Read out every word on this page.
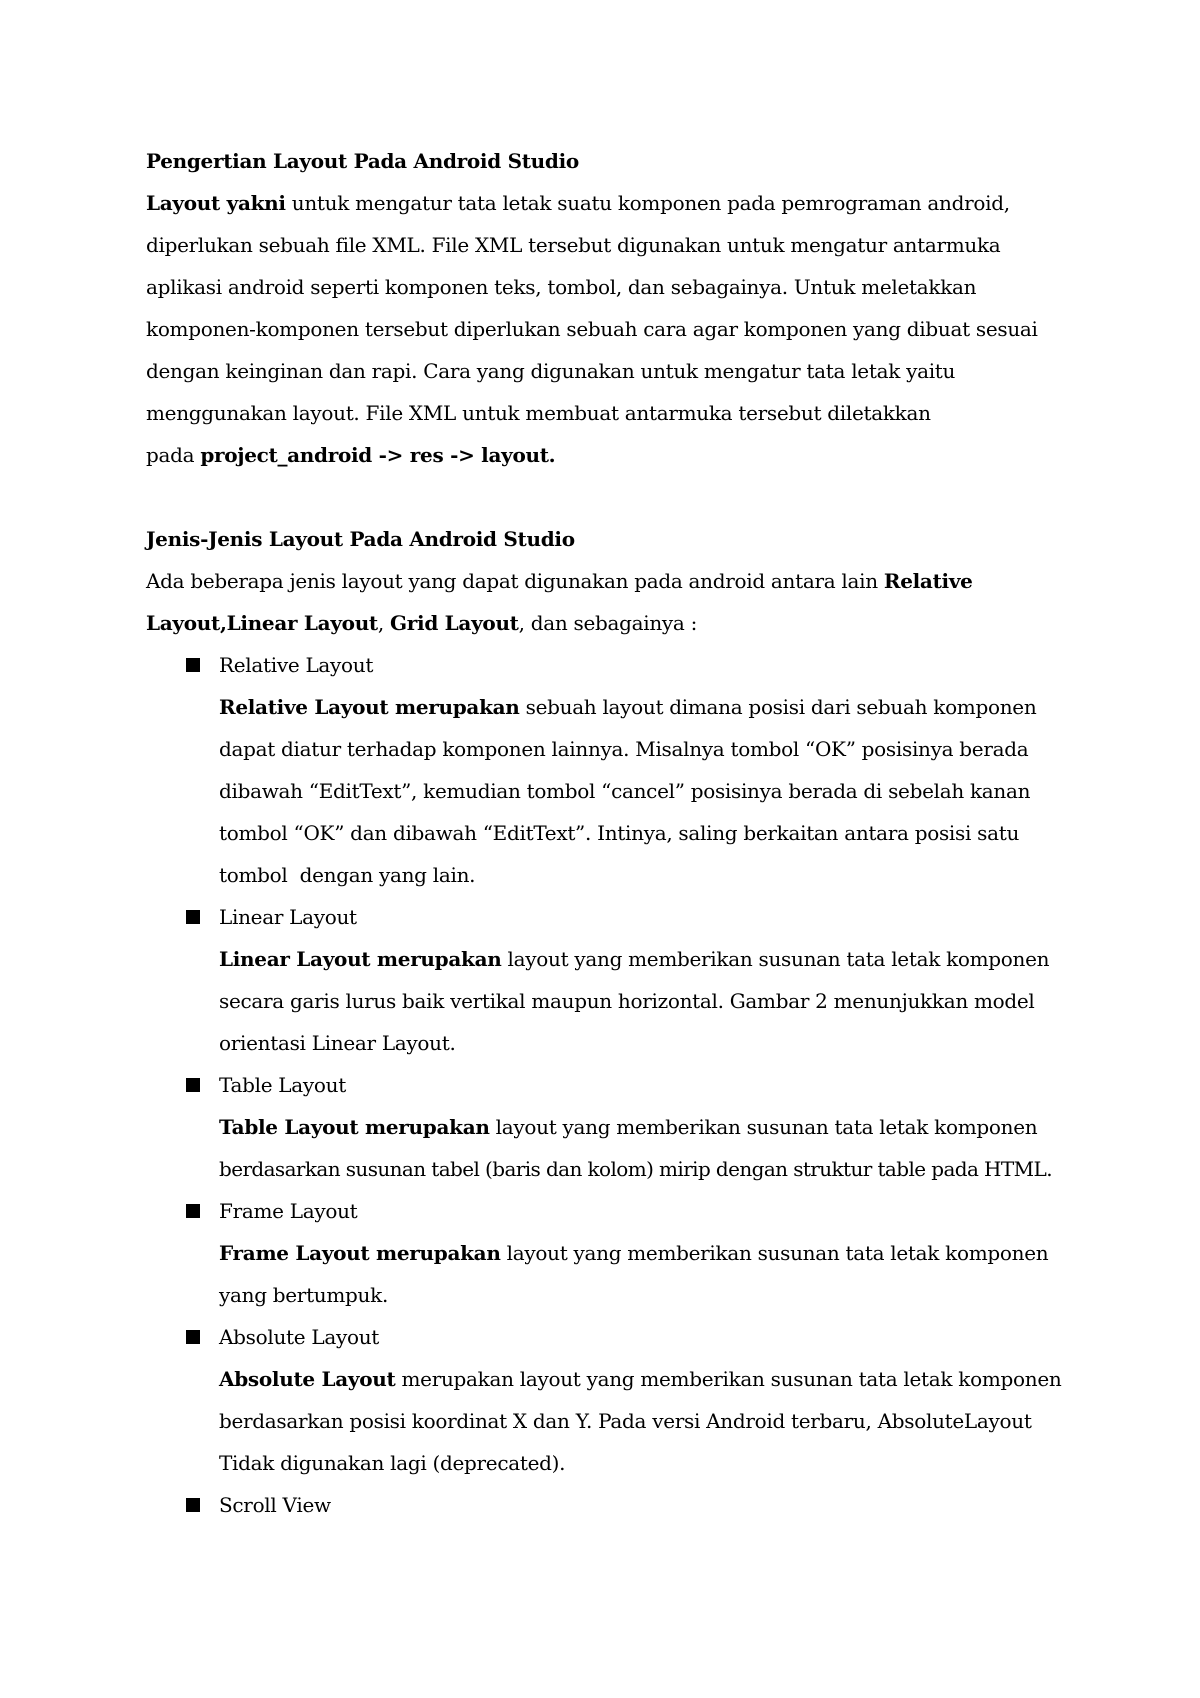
Pengertian Layout Pada Android Studio
Layout yakni untuk mengatur tata letak suatu komponen pada pemrograman android,
diperlukan sebuah file XML. File XML tersebut digunakan untuk mengatur antarmuka
aplikasi android seperti komponen teks, tombol, dan sebagainya. Untuk meletakkan
komponen-komponen tersebut diperlukan sebuah cara agar komponen yang dibuat sesuai
dengan keinginan dan rapi. Cara yang digunakan untuk mengatur tata letak yaitu
menggunakan layout. File XML untuk membuat antarmuka tersebut diletakkan
pada project_android -> res -> layout.
Jenis-Jenis Layout Pada Android Studio
Ada beberapa jenis layout yang dapat digunakan pada android antara lain Relative
Layout,Linear Layout, Grid Layout, dan sebagainya :
Relative Layout
Relative Layout merupakan sebuah layout dimana posisi dari sebuah komponen
dapat diatur terhadap komponen lainnya. Misalnya tombol “OK” posisinya berada
dibawah “EditText”, kemudian tombol “cancel” posisinya berada di sebelah kanan
tombol “OK” dan dibawah “EditText”. Intinya, saling berkaitan antara posisi satu
tombol  dengan yang lain.
Linear Layout
Linear Layout merupakan layout yang memberikan susunan tata letak komponen
secara garis lurus baik vertikal maupun horizontal. Gambar 2 menunjukkan model
orientasi Linear Layout.
Table Layout
Table Layout merupakan layout yang memberikan susunan tata letak komponen
berdasarkan susunan tabel (baris dan kolom) mirip dengan struktur table pada HTML.
Frame Layout
Frame Layout merupakan layout yang memberikan susunan tata letak komponen
yang bertumpuk.
Absolute Layout
Absolute Layout merupakan layout yang memberikan susunan tata letak komponen
berdasarkan posisi koordinat X dan Y. Pada versi Android terbaru, AbsoluteLayout
Tidak digunakan lagi (deprecated).
Scroll View
